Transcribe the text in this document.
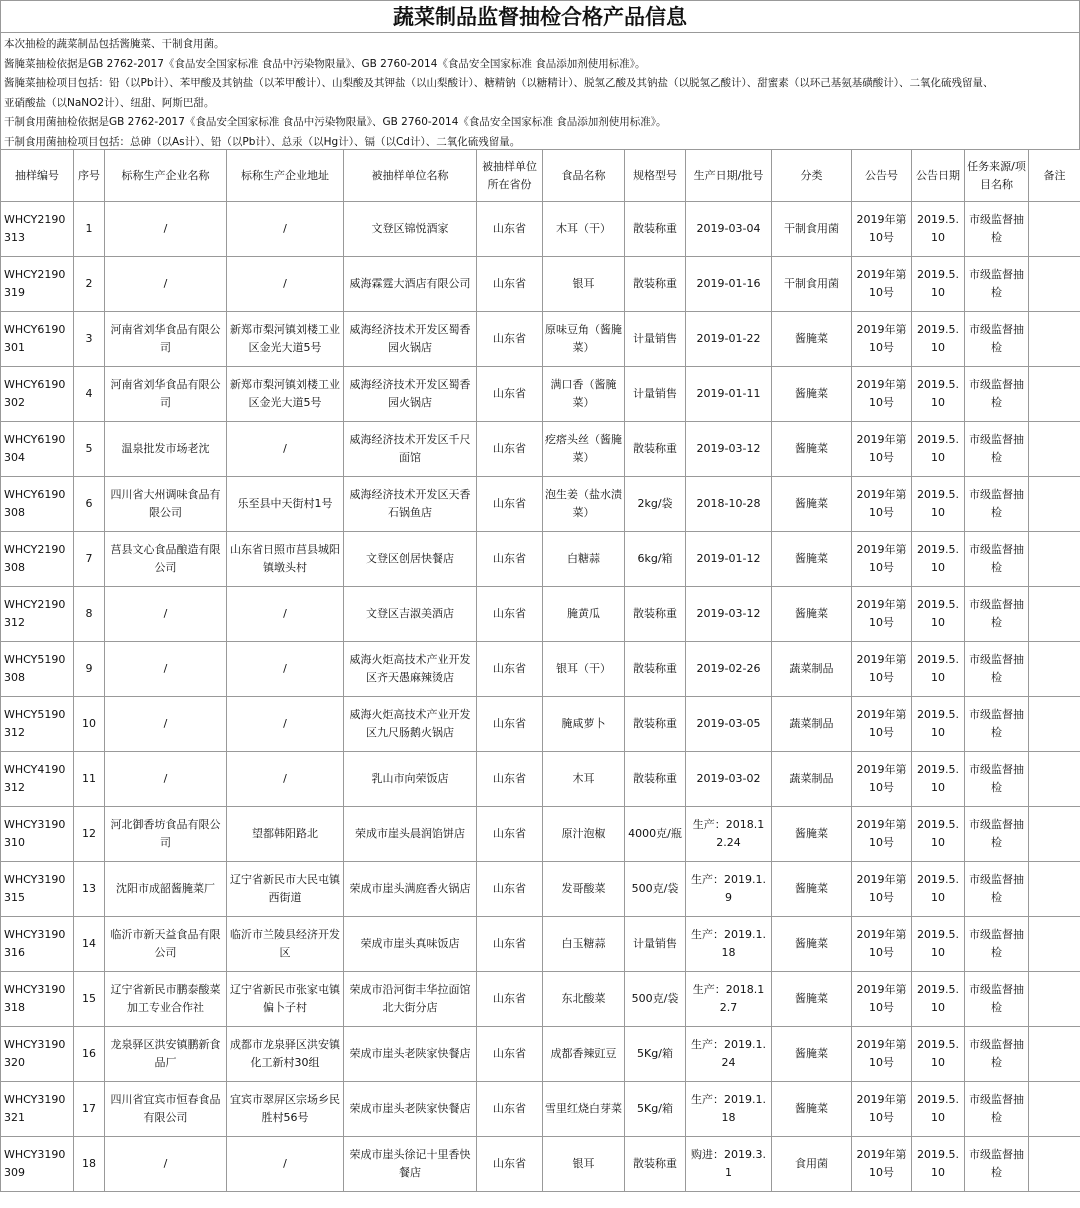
蔬菜制品监督抽检合格产品信息
本次抽检的蔬菜制品包括酱腌菜、干制食用菌。
酱腌菜抽检依据是GB 2762-2017《食品安全国家标准 食品中污染物限量》、GB 2760-2014《食品安全国家标准 食品添加剂使用标准》。
酱腌菜抽检项目包括：铅（以Pb计）、苯甲酸及其钠盐（以苯甲酸计）、山梨酸及其钾盐（以山梨酸计）、糖精钠（以糖精计）、脱氢乙酸及其钠盐（以脱氢乙酸计）、甜蜜素（以环己基氨基磺酸计）、二氧化硫残留量、
亚硝酸盐（以NaNO2计）、纽甜、阿斯巴甜。
干制食用菌抽检依据是GB 2762-2017《食品安全国家标准 食品中污染物限量》、GB 2760-2014《食品安全国家标准 食品添加剂使用标准》。
干制食用菌抽检项目包括：总砷（以As计）、铅（以Pb计）、总汞（以Hg计）、镉（以Cd计）、二氧化硫残留量。
抽样编号	序号	标称生产企业名称	标称生产企业地址	被抽样单位名称	被抽样单位所在省份	食品名称	规格型号	生产日期/批号	分类	公告号	公告日期	任务来源/项目名称	备注
WHCY2190313	1	/	/	文登区锦悦酒家	山东省	木耳（干）	散装称重	2019-03-04	干制食用菌	2019年第10号	2019.5.10	市级监督抽检	
WHCY2190319	2	/	/	威海霖霆大酒店有限公司	山东省	银耳	散装称重	2019-01-16	干制食用菌	2019年第10号	2019.5.10	市级监督抽检	
WHCY6190301	3	河南省刘华食品有限公司	新郑市梨河镇刘楼工业区金光大道5号	威海经济技术开发区蜀香园火锅店	山东省	原味豆角（酱腌菜）	计量销售	2019-01-22	酱腌菜	2019年第10号	2019.5.10	市级监督抽检	
WHCY6190302	4	河南省刘华食品有限公司	新郑市梨河镇刘楼工业区金光大道5号	威海经济技术开发区蜀香园火锅店	山东省	满口香（酱腌菜）	计量销售	2019-01-11	酱腌菜	2019年第10号	2019.5.10	市级监督抽检	
WHCY6190304	5	温泉批发市场老沈	/	威海经济技术开发区千尺面馆	山东省	疙瘩头丝（酱腌菜）	散装称重	2019-03-12	酱腌菜	2019年第10号	2019.5.10	市级监督抽检	
WHCY6190308	6	四川省大州调味食品有限公司	乐至县中天街村1号	威海经济技术开发区天香石锅鱼店	山东省	泡生姜（盐水渍菜）	2kg/袋	2018-10-28	酱腌菜	2019年第10号	2019.5.10	市级监督抽检	
WHCY2190308	7	莒县文心食品酿造有限公司	山东省日照市莒县城阳镇墩头村	文登区创居快餐店	山东省	白糖蒜	6kg/箱	2019-01-12	酱腌菜	2019年第10号	2019.5.10	市级监督抽检	
WHCY2190312	8	/	/	文登区吉淑美酒店	山东省	腌黄瓜	散装称重	2019-03-12	酱腌菜	2019年第10号	2019.5.10	市级监督抽检	
WHCY5190308	9	/	/	威海火炬高技术产业开发区齐天愚麻辣烫店	山东省	银耳（干）	散装称重	2019-02-26	蔬菜制品	2019年第10号	2019.5.10	市级监督抽检	
WHCY5190312	10	/	/	威海火炬高技术产业开发区九尺肠鹅火锅店	山东省	腌咸萝卜	散装称重	2019-03-05	蔬菜制品	2019年第10号	2019.5.10	市级监督抽检	
WHCY4190312	11	/	/	乳山市向荣饭店	山东省	木耳	散装称重	2019-03-02	蔬菜制品	2019年第10号	2019.5.10	市级监督抽检	
WHCY3190310	12	河北御香坊食品有限公司	望都韩阳路北	荣成市崖头晨润馅饼店	山东省	原汁泡椒	4000克/瓶	生产：2018.12.24	酱腌菜	2019年第10号	2019.5.10	市级监督抽检	
WHCY3190315	13	沈阳市成韶酱腌菜厂	辽宁省新民市大民屯镇西街道	荣成市崖头满庭香火锅店	山东省	发哥酸菜	500克/袋	生产：2019.1.9	酱腌菜	2019年第10号	2019.5.10	市级监督抽检	
WHCY3190316	14	临沂市新天益食品有限公司	临沂市兰陵县经济开发区	荣成市崖头真味饭店	山东省	白玉糖蒜	计量销售	生产：2019.1.18	酱腌菜	2019年第10号	2019.5.10	市级监督抽检	
WHCY3190318	15	辽宁省新民市鹏泰酸菜加工专业合作社	辽宁省新民市张家屯镇偏卜子村	荣成市沿河街丰华拉面馆北大街分店	山东省	东北酸菜	500克/袋	生产：2018.12.7	酱腌菜	2019年第10号	2019.5.10	市级监督抽检	
WHCY3190320	16	龙泉驿区洪安镇鹏新食品厂	成都市龙泉驿区洪安镇化工新村30组	荣成市崖头老陕家快餐店	山东省	成都香辣豇豆	5Kg/箱	生产：2019.1.24	酱腌菜	2019年第10号	2019.5.10	市级监督抽检	
WHCY3190321	17	四川省宜宾市恒春食品有限公司	宜宾市翠屏区宗场乡民胜村56号	荣成市崖头老陕家快餐店	山东省	雪里红烧白芽菜	5Kg/箱	生产：2019.1.18	酱腌菜	2019年第10号	2019.5.10	市级监督抽检	
WHCY3190309	18	/	/	荣成市崖头徐记十里香快餐店	山东省	银耳	散装称重	购进：2019.3.1	食用菌	2019年第10号	2019.5.10	市级监督抽检	
